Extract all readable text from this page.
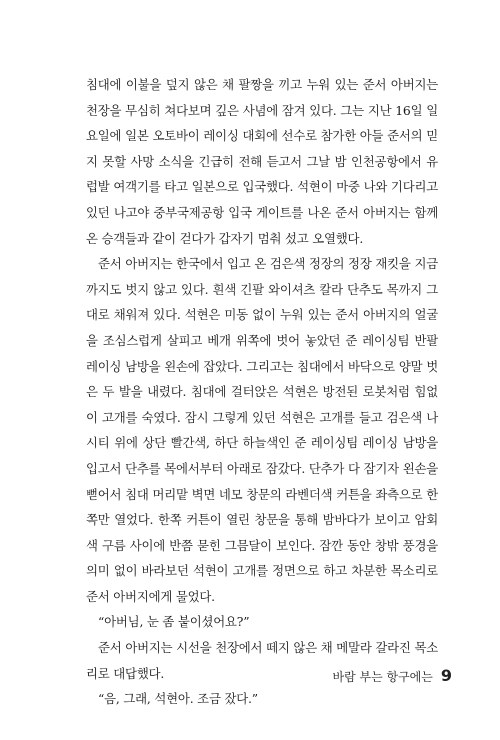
침대에 이불을 덮지 않은 채 팔짱을 끼고 누워 있는 준서 아버지는 천장을 무심히 쳐다보며 깊은 사념에 잠겨 있다. 그는 지난 16일 일요일에 일본 오토바이 레이싱 대회에 선수로 참가한 아들 준서의 믿지 못할 사망 소식을 긴급히 전해 듣고서 그날 밤 인천공항에서 유럽발 여객기를 타고 일본으로 입국했다. 석현이 마중 나와 기다리고 있던 나고야 중부국제공항 입국 게이트를 나온 준서 아버지는 함께 온 승객들과 같이 걷다가 갑자기 멈춰 섰고 오열했다.

준서 아버지는 한국에서 입고 온 검은색 정장의 정장 재킷을 지금까지도 벗지 않고 있다. 흰색 긴팔 와이셔츠 칼라 단추도 목까지 그대로 채워져 있다. 석현은 미동 없이 누워 있는 준서 아버지의 얼굴을 조심스럽게 살피고 베개 위쪽에 벗어 놓았던 준 레이싱팀 반팔 레이싱 남방을 왼손에 잡았다. 그리고는 침대에서 바닥으로 양말 벗은 두 발을 내렸다. 침대에 걸터앉은 석현은 방전된 로봇처럼 힘없이 고개를 숙였다. 잠시 그렇게 있던 석현은 고개를 들고 검은색 나시티 위에 상단 빨간색, 하단 하늘색인 준 레이싱팀 레이싱 남방을 입고서 단추를 목에서부터 아래로 잠갔다. 단추가 다 잠기자 왼손을 뻗어서 침대 머리맡 벽면 네모 창문의 라벤더색 커튼을 좌측으로 한쪽만 열었다. 한쪽 커튼이 열린 창문을 통해 밤바다가 보이고 암회색 구름 사이에 반쯤 묻힌 그믐달이 보인다. 잠깐 동안 창밖 풍경을 의미 없이 바라보던 석현이 고개를 정면으로 하고 차분한 목소리로 준서 아버지에게 물었다.

“아버님, 눈 좀 붙이셨어요?”

준서 아버지는 시선을 천장에서 떼지 않은 채 메말라 갈라진 목소리로 대답했다.

“음, 그래, 석현아. 조금 잤다.”

바람 부는 항구에는 9
